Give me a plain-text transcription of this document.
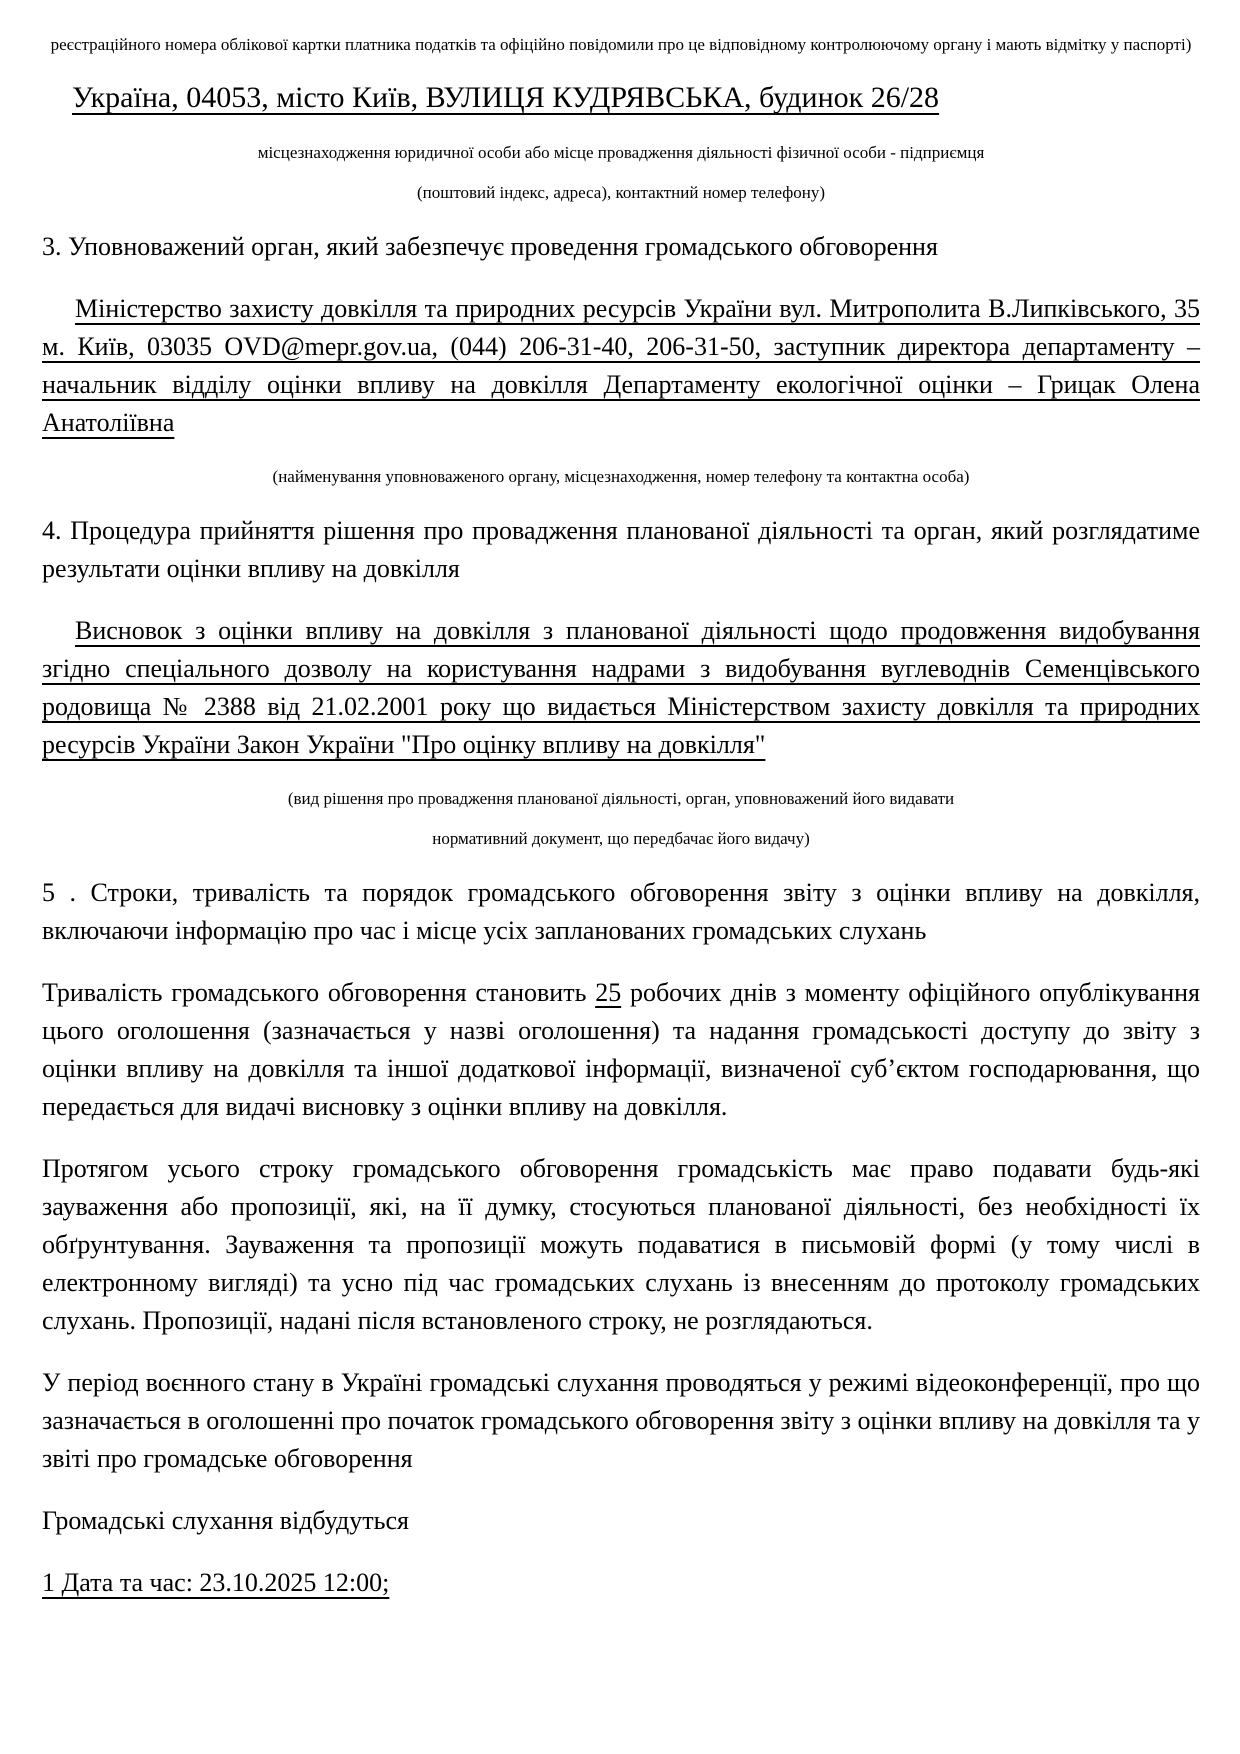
реєстраційного номера облікової картки платника податків та офіційно повідомили про це відповідному контролюючому органу і мають відмітку у паспорті)

Україна, 04053, місто Київ, ВУЛИЦЯ КУДРЯВСЬКА, будинок 26/28

місцезнаходження юридичної особи або місце провадження діяльності фізичної особи - підприємця

(поштовий індекс, адреса), контактний номер телефону)

3. Уповноважений орган, який забезпечує проведення громадського обговорення

Міністерство захисту довкілля та природних ресурсів України вул. Митрополита В.Липківського, 35 м. Київ, 03035 OVD@mepr.gov.ua, (044) 206-31-40, 206-31-50, заступник директора департаменту – начальник відділу оцінки впливу на довкілля Департаменту екологічної оцінки – Грицак Олена Анатоліївна

(найменування уповноваженого органу, місцезнаходження, номер телефону та контактна особа)

4. Процедура прийняття рішення про провадження планованої діяльності та орган, який розглядатиме результати оцінки впливу на довкілля

Висновок з оцінки впливу на довкілля з планованої діяльності щодо продовження видобування згідно спеціального дозволу на користування надрами з видобування вуглеводнів Семенцівського родовища № 2388 від 21.02.2001 року що видається Міністерством захисту довкілля та природних ресурсів України Закон України "Про оцінку впливу на довкілля"

(вид рішення про провадження планованої діяльності, орган, уповноважений його видавати

нормативний документ, що передбачає його видачу)

5 . Строки, тривалість та порядок громадського обговорення звіту з оцінки впливу на довкілля, включаючи інформацію про час і місце усіх запланованих громадських слухань

Тривалість громадського обговорення становить 25 робочих днів з моменту офіційного опублікування цього оголошення (зазначається у назві оголошення) та надання громадськості доступу до звіту з оцінки впливу на довкілля та іншої додаткової інформації, визначеної суб’єктом господарювання, що передається для видачі висновку з оцінки впливу на довкілля.

Протягом усього строку громадського обговорення громадськість має право подавати будь-які зауваження або пропозиції, які, на її думку, стосуються планованої діяльності, без необхідності їх обґрунтування. Зауваження та пропозиції можуть подаватися в письмовій формі (у тому числі в електронному вигляді) та усно під час громадських слухань із внесенням до протоколу громадських слухань. Пропозиції, надані після встановленого строку, не розглядаються.

У період воєнного стану в Україні громадські слухання проводяться у режимі відеоконференції, про що зазначається в оголошенні про початок громадського обговорення звіту з оцінки впливу на довкілля та у звіті про громадське обговорення

Громадські слухання відбудуться

1 Дата та час: 23.10.2025 12:00;
